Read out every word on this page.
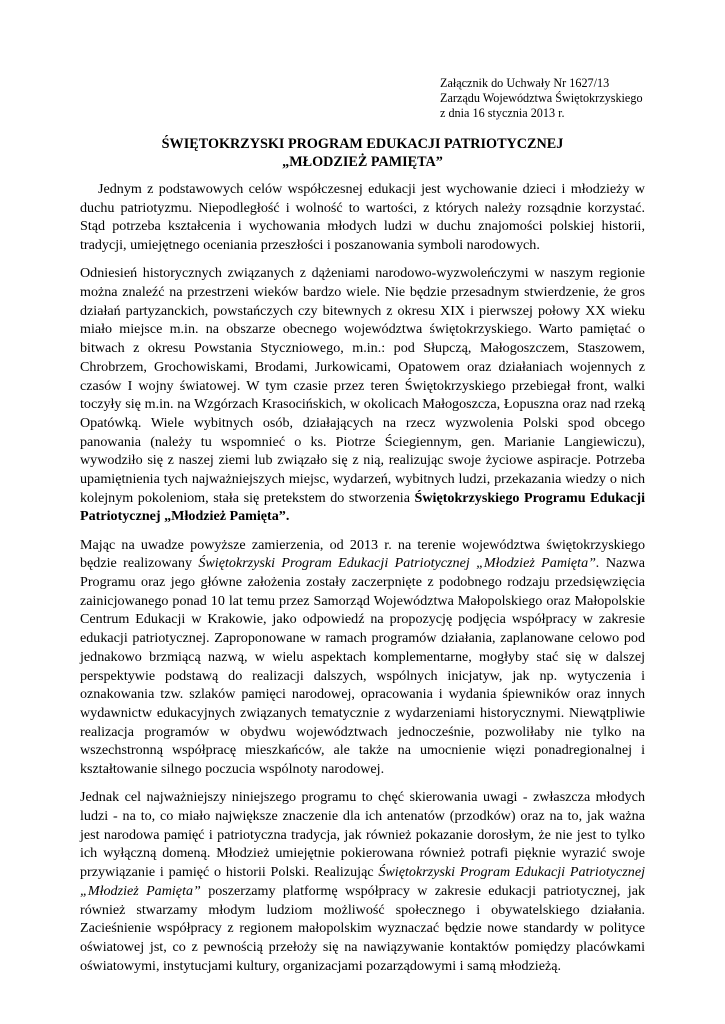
Załącznik do Uchwały Nr 1627/13
Zarządu Województwa Świętokrzyskiego
z dnia 16 stycznia 2013 r.
ŚWIĘTOKRZYSKI PROGRAM EDUKACJI PATRIOTYCZNEJ
„MŁODZIEŻ PAMIĘTA”

Jednym z podstawowych celów współczesnej edukacji jest wychowanie dzieci i młodzieży w duchu patriotyzmu. Niepodległość i wolność to wartości, z których należy rozsądnie korzystać. Stąd potrzeba kształcenia i wychowania młodych ludzi w duchu znajomości polskiej historii, tradycji, umiejętnego oceniania przeszłości i poszanowania symboli narodowych.

Odniesień historycznych związanych z dążeniami narodowo-wyzwoleńczymi w naszym regionie można znaleźć na przestrzeni wieków bardzo wiele. Nie będzie przesadnym stwierdzenie, że gros działań partyzanckich, powstańczych czy bitewnych z okresu XIX i pierwszej połowy XX wieku miało miejsce m.in. na obszarze obecnego województwa świętokrzyskiego. Warto pamiętać o bitwach z okresu Powstania Styczniowego, m.in.: pod Słupczą, Małogoszczem, Staszowem, Chrobrzem, Grochowiskami, Brodami, Jurkowicami, Opatowem oraz działaniach wojennych z czasów I wojny światowej. W tym czasie przez teren Świętokrzyskiego przebiegał front, walki toczyły się m.in. na Wzgórzach Krasocińskich, w okolicach Małogoszcza, Łopuszna oraz nad rzeką Opatówką. Wiele wybitnych osób, działających na rzecz wyzwolenia Polski spod obcego panowania (należy tu wspomnieć o ks. Piotrze Ściegiennym, gen. Marianie Langiewiczu), wywodziło się z naszej ziemi lub związało się z nią, realizując swoje życiowe aspiracje. Potrzeba upamiętnienia tych najważniejszych miejsc, wydarzeń, wybitnych ludzi, przekazania wiedzy o nich kolejnym pokoleniom, stała się pretekstem do stworzenia Świętokrzyskiego Programu Edukacji Patriotycznej „Młodzież Pamięta”.

Mając na uwadze powyższe zamierzenia, od 2013 r. na terenie województwa świętokrzyskiego będzie realizowany Świętokrzyski Program Edukacji Patriotycznej „Młodzież Pamięta”. Nazwa Programu oraz jego główne założenia zostały zaczerpnięte z podobnego rodzaju przedsięwzięcia zainicjowanego ponad 10 lat temu przez Samorząd Województwa Małopolskiego oraz Małopolskie Centrum Edukacji w Krakowie, jako odpowiedź na propozycję podjęcia współpracy w zakresie edukacji patriotycznej. Zaproponowane w ramach programów działania, zaplanowane celowo pod jednakowo brzmiącą nazwą, w wielu aspektach komplementarne, mogłyby stać się w dalszej perspektywie podstawą do realizacji dalszych, wspólnych inicjatyw, jak np. wytyczenia i oznakowania tzw. szlaków pamięci narodowej, opracowania i wydania śpiewników oraz innych wydawnictw edukacyjnych związanych tematycznie z wydarzeniami historycznymi. Niewątpliwie realizacja programów w obydwu województwach jednocześnie, pozwoliłaby nie tylko na wszechstronną współpracę mieszkańców, ale także na umocnienie więzi ponadregionalnej i kształtowanie silnego poczucia wspólnoty narodowej.

Jednak cel najważniejszy niniejszego programu to chęć skierowania uwagi - zwłaszcza młodych ludzi - na to, co miało największe znaczenie dla ich antenatów (przodków) oraz na to, jak ważna jest narodowa pamięć i patriotyczna tradycja, jak również pokazanie dorosłym, że nie jest to tylko ich wyłączną domeną. Młodzież umiejętnie pokierowana również potrafi pięknie wyrazić swoje przywiązanie i pamięć o historii Polski. Realizując Świętokrzyski Program Edukacji Patriotycznej „Młodzież Pamięta” poszerzamy platformę współpracy w zakresie edukacji patriotycznej, jak również stwarzamy młodym ludziom możliwość społecznego i obywatelskiego działania. Zacieśnienie współpracy z regionem małopolskim wyznaczać będzie nowe standardy w polityce oświatowej jst, co z pewnością przełoży się na nawiązywanie kontaktów pomiędzy placówkami oświatowymi, instytucjami kultury, organizacjami pozarządowymi i samą młodzieżą.
